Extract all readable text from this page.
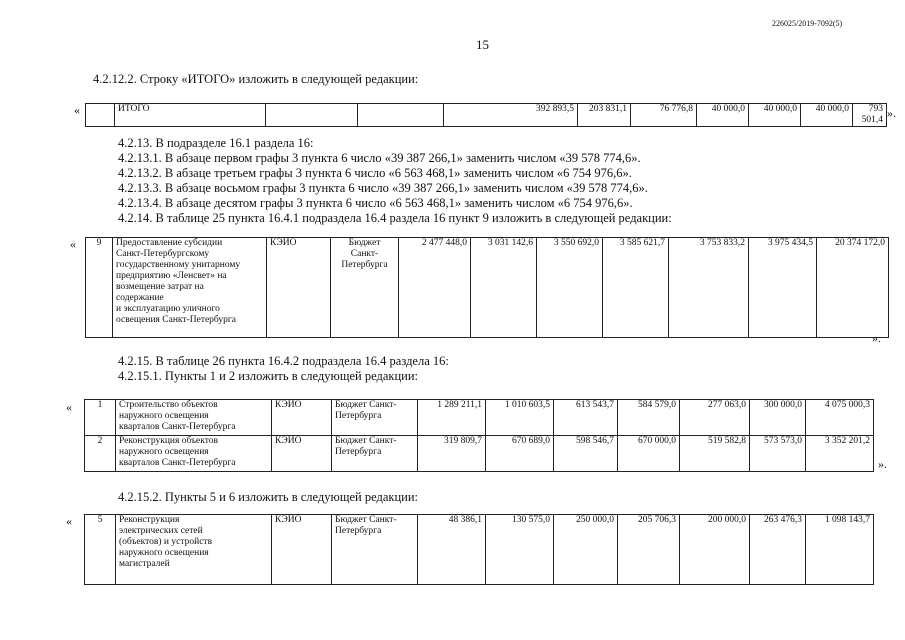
226025/2019-7092(5)
15
4.2.12.2. Строку «ИТОГО» изложить в следующей редакции:
«
		ИТОГО			392 893,5	203 831,1	76 776,8	40 000,0	40 000,0	40 000,0	793 501,4 ».
4.2.13. В подразделе 16.1 раздела 16:
4.2.13.1. В абзаце первом графы 3 пункта 6 число «39 387 266,1» заменить числом «39 578 774,6».
4.2.13.2. В абзаце третьем графы 3 пункта 6 число «6 563 468,1» заменить числом «6 754 976,6».
4.2.13.3. В абзаце восьмом графы 3 пункта 6 число «39 387 266,1» заменить числом «39 578 774,6».
4.2.13.4. В абзаце десятом графы 3 пункта 6 число «6 563 468,1» заменить числом «6 754 976,6».
4.2.14. В таблице 25 пункта 16.4.1 подраздела 16.4 раздела 16 пункт 9 изложить в следующей редакции:
« 9	Предоставление субсидии
Санкт-Петербургскому
государственному унитарному
предприятию «Ленсвет» на
возмещение затрат на
содержание
и эксплуатацию уличного
освещения Санкт-Петербурга	КЭИО	Бюджет
Санкт-
Петербурга	2 477 448,0	3 031 142,6	3 550 692,0	3 585 621,7	3 753 833,2	3 975 434,5	20 374 172,0
».
4.2.15. В таблице 26 пункта 16.4.2 подраздела 16.4 раздела 16:
4.2.15.1. Пункты 1 и 2 изложить в следующей редакции:
«	1	Строительство объектов
наружного освещения
кварталов Санкт-Петербурга	КЭИО	Бюджет Санкт-
Петербурга	1 289 211,1	1 010 603,5	613 543,7	584 579,0	277 063,0	300 000,0	4 075 000,3
2	Реконструкция объектов
наружного освещения
кварталов Санкт-Петербурга	КЭИО	Бюджет Санкт-
Петербурга	319 809,7	670 689,0	598 546,7	670 000,0	519 582,8	573 573,0	3 352 201,2
».
4.2.15.2. Пункты 5 и 6 изложить в следующей редакции:
«	5	Реконструкция
электрических сетей
(объектов) и устройств
наружного освещения
магистралей	КЭИО	Бюджет Санкт-
Петербурга	48 386,1	130 575,0	250 000,0	205 706,3	200 000,0	263 476,3	1 098 143,7
